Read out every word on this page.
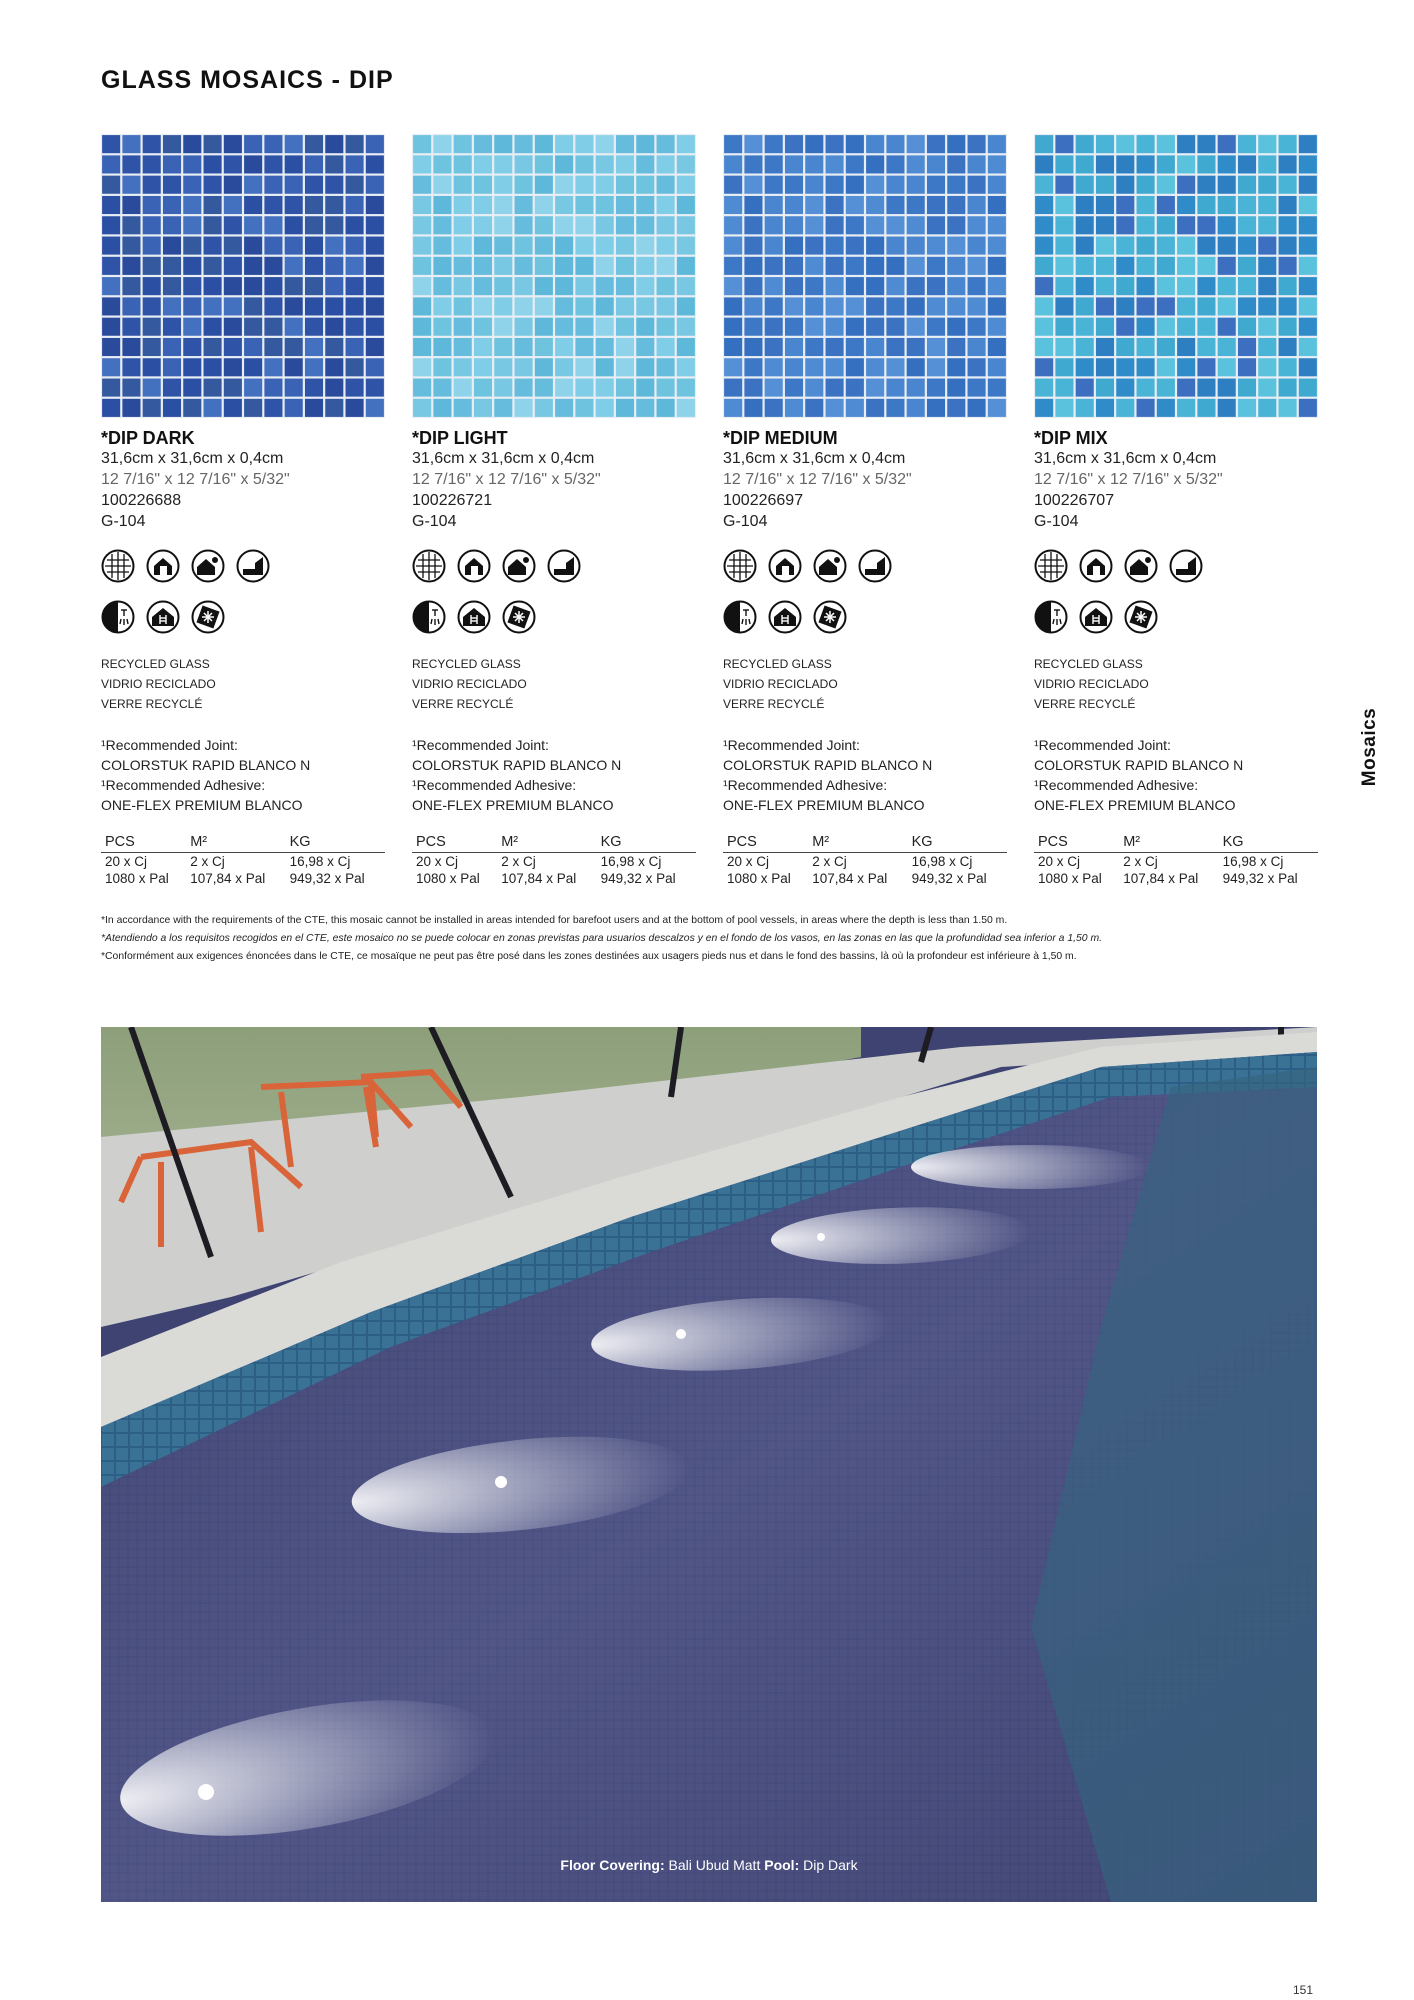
GLASS MOSAICS - DIP
*DIP DARK
31,6cm x 31,6cm x 0,4cm
12 7/16" x 12 7/16" x 5/32"
100226688
G-104
RECYCLED GLASS
VIDRIO RECICLADO
VERRE RECYCLÉ
¹Recommended Joint:
COLORSTUK RAPID BLANCO N
¹Recommended Adhesive:
ONE-FLEX PREMIUM BLANCO
PCS	M²	KG
20 x Cj	2 x Cj	16,98 x Cj
1080 x Pal	107,84 x Pal	949,32 x Pal
*DIP LIGHT
31,6cm x 31,6cm x 0,4cm
12 7/16" x 12 7/16" x 5/32"
100226721
G-104
RECYCLED GLASS
VIDRIO RECICLADO
VERRE RECYCLÉ
¹Recommended Joint:
COLORSTUK RAPID BLANCO N
¹Recommended Adhesive:
ONE-FLEX PREMIUM BLANCO
PCS	M²	KG
20 x Cj	2 x Cj	16,98 x Cj
1080 x Pal	107,84 x Pal	949,32 x Pal
*DIP MEDIUM
31,6cm x 31,6cm x 0,4cm
12 7/16" x 12 7/16" x 5/32"
100226697
G-104
RECYCLED GLASS
VIDRIO RECICLADO
VERRE RECYCLÉ
¹Recommended Joint:
COLORSTUK RAPID BLANCO N
¹Recommended Adhesive:
ONE-FLEX PREMIUM BLANCO
PCS	M²	KG
20 x Cj	2 x Cj	16,98 x Cj
1080 x Pal	107,84 x Pal	949,32 x Pal
*DIP MIX
31,6cm x 31,6cm x 0,4cm
12 7/16" x 12 7/16" x 5/32"
100226707
G-104
RECYCLED GLASS
VIDRIO RECICLADO
VERRE RECYCLÉ
¹Recommended Joint:
COLORSTUK RAPID BLANCO N
¹Recommended Adhesive:
ONE-FLEX PREMIUM BLANCO
PCS	M²	KG
20 x Cj	2 x Cj	16,98 x Cj
1080 x Pal	107,84 x Pal	949,32 x Pal

*In accordance with the requirements of the CTE, this mosaic cannot be installed in areas intended for barefoot users and at the bottom of pool vessels, in areas where the depth is less than 1.50 m.

*Atendiendo a los requisitos recogidos en el CTE, este mosaico no se puede colocar en zonas previstas para usuarios descalzos y en el fondo de los vasos, en las zonas en las que la profundidad sea inferior a 1,50 m.

*Conformément aux exigences énoncées dans le CTE, ce mosaïque ne peut pas être posé dans les zones destinées aux usagers pieds nus et dans le fond des bassins, là où la profondeur est inférieure à 1,50 m.

Mosaics
Floor Covering: Bali Ubud Matt Pool: Dip Dark
151
